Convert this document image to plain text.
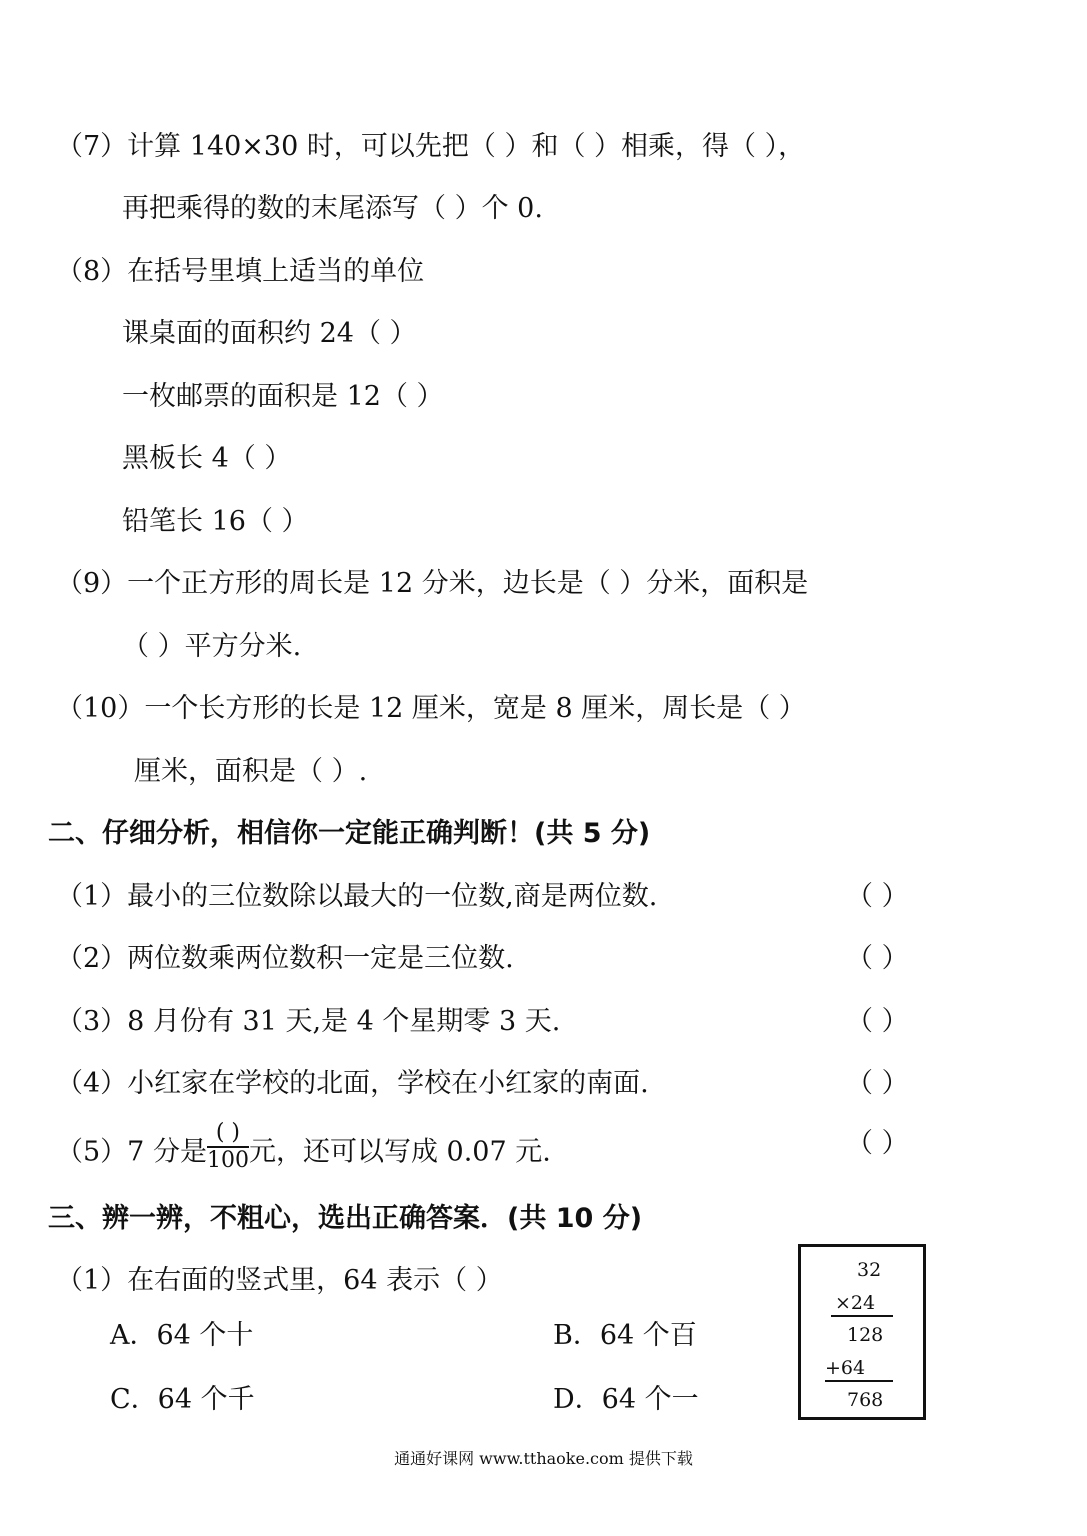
（7）计算 140×30 时，可以先把（ ）和（ ）相乘，得（ ），
再把乘得的数的末尾添写（ ）个 0.
（8）在括号里填上适当的单位
课桌面的面积约 24（ ）
一枚邮票的面积是 12（ ）
黑板长 4（ ）
铅笔长 16（ ）
（9）一个正方形的周长是 12 分米，边长是（ ）分米，面积是
（ ）平方分米.
（10）一个长方形的长是 12 厘米，宽是 8 厘米，周长是（ ）
厘米，面积是（ ）.
二、仔细分析，相信你一定能正确判断！(共 5 分)
（1）最小的三位数除以最大的一位数,商是两位数.	（ ）
（2）两位数乘两位数积一定是三位数.	（ ）
（3）8 月份有 31 天,是 4 个星期零 3 天.	（ ）
（4）小红家在学校的北面，学校在小红家的南面.	（ ）
（5）7 分是 $\frac{( )}{100}$ 元，还可以写成 0.07 元.	（ ）
三、辨一辨，不粗心，选出正确答案．(共 10 分)
（1）在右面的竖式里，64 表示（ ）
A．64 个十	B．64 个百
C．64 个千	D．64 个一
32
×24
128
+64
768
通通好课网 www.tthaoke.com 提供下载
